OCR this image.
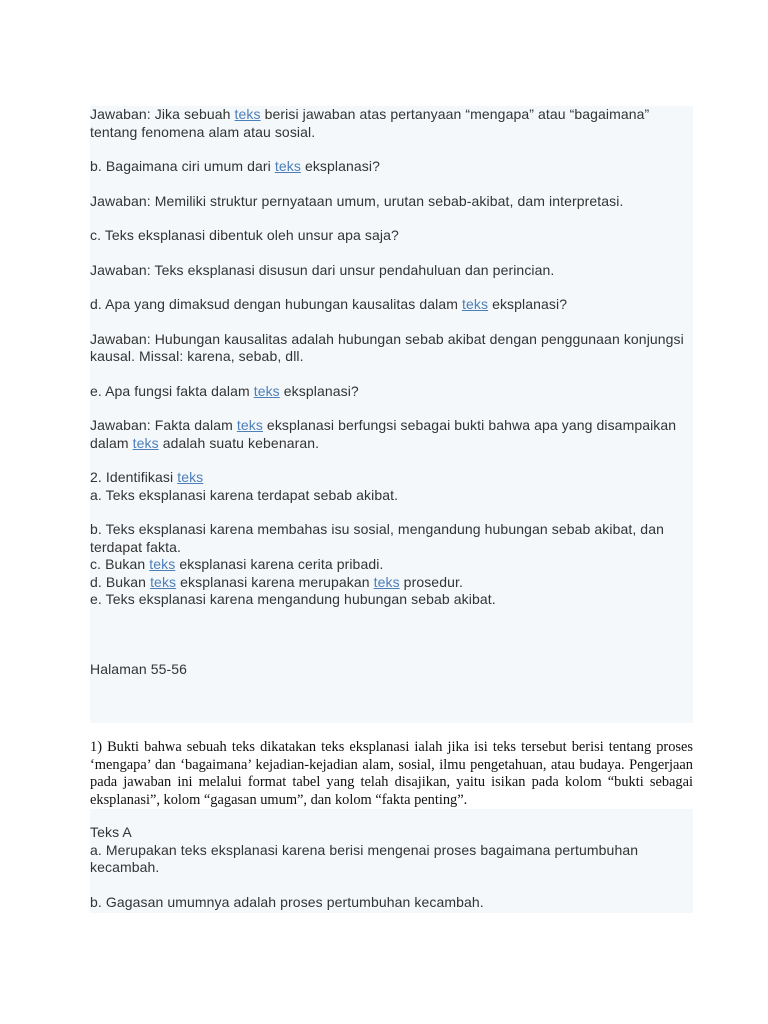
Jawaban: Jika sebuah teks berisi jawaban atas pertanyaan “mengapa” atau “bagaimana” tentang fenomena alam atau sosial.

b. Bagaimana ciri umum dari teks eksplanasi?

Jawaban: Memiliki struktur pernyataan umum, urutan sebab-akibat, dam interpretasi.

c. Teks eksplanasi dibentuk oleh unsur apa saja?

Jawaban: Teks eksplanasi disusun dari unsur pendahuluan dan perincian.

d. Apa yang dimaksud dengan hubungan kausalitas dalam teks eksplanasi?

Jawaban: Hubungan kausalitas adalah hubungan sebab akibat dengan penggunaan konjungsi kausal. Missal: karena, sebab, dll.

e. Apa fungsi fakta dalam teks eksplanasi?

Jawaban: Fakta dalam teks eksplanasi berfungsi sebagai bukti bahwa apa yang disampaikan dalam teks adalah suatu kebenaran.

2. Identifikasi teks

a. Teks eksplanasi karena terdapat sebab akibat.

b. Teks eksplanasi karena membahas isu sosial, mengandung hubungan sebab akibat, dan terdapat fakta.

c. Bukan teks eksplanasi karena cerita pribadi.

d. Bukan teks eksplanasi karena merupakan teks prosedur.

e. Teks eksplanasi karena mengandung hubungan sebab akibat.

Halaman 55-56

1) Bukti bahwa sebuah teks dikatakan teks eksplanasi ialah jika isi teks tersebut berisi tentang proses ‘mengapa’ dan ‘bagaimana’ kejadian-kejadian alam, sosial, ilmu pengetahuan, atau budaya. Pengerjaan pada jawaban ini melalui format tabel yang telah disajikan, yaitu isikan pada kolom “bukti sebagai eksplanasi”, kolom “gagasan umum”, dan kolom “fakta penting”.

Teks A

a. Merupakan teks eksplanasi karena berisi mengenai proses bagaimana pertumbuhan kecambah.

b. Gagasan umumnya adalah proses pertumbuhan kecambah.
